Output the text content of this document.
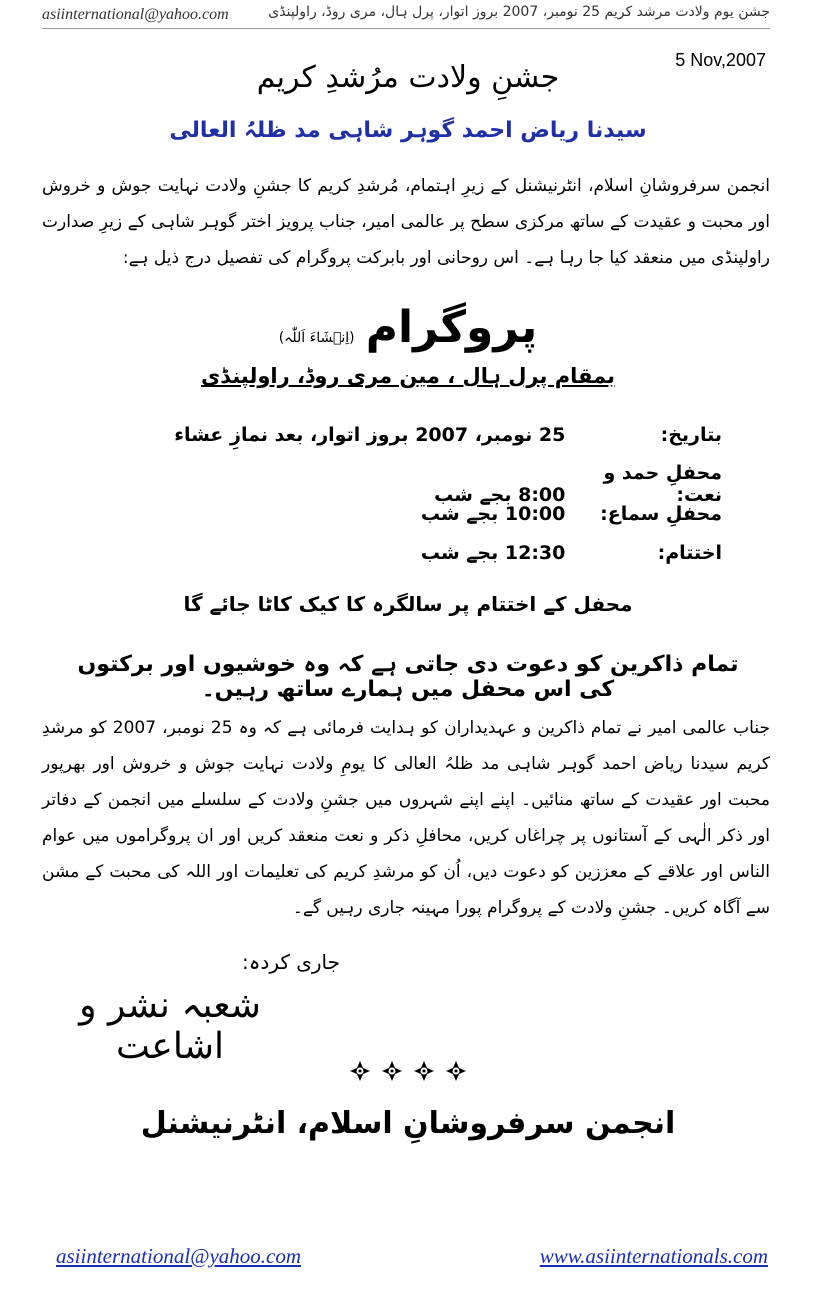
asiinternational@yahoo.com	جشن یوم ولادت مرشد کریم 25 نومبر، 2007 بروز اتوار، پرل ہال، مری روڈ، راولپنڈی
5 Nov,2007
جشنِ ولادت مرُشدِ کریم
سیدنا ریاض احمد گوہر شاہی مد ظلہُ العالی
انجمن سرفروشانِ اسلام، انٹرنیشنل کے زیرِ اہتمام، مُرشدِ کریم کا جشنِ ولادت نہایت جوش و خروش اور محبت و عقیدت کے ساتھ مرکزی سطح پر عالمی امیر، جناب پرویز اختر گوہر شاہی کے زیرِ صدارت راولپنڈی میں منعقد کیا جا رہا ہے۔ اس روحانی اور بابرکت پروگرام کی تفصیل درج ذیل ہے:
پروگرام (اِنۡشَاءَ اَللّٰہ)
بمقام پرل ہال ، مین مری روڈ، راولپنڈی
بتاریخ: 25 نومبر، 2007 بروز اتوار، بعد نمازِ عشاء
محفلِ حمد و نعت: 8:00 بجے شب
محفلِ سماع: 10:00 بجے شب
اختتام: 12:30 بجے شب
محفل کے اختتام پر سالگرہ کا کیک کاٹا جائے گا
تمام ذاکرین کو دعوت دی جاتی ہے کہ وہ خوشیوں اور برکتوں کی اس محفل میں ہمارے ساتھ رہیں۔
جناب عالمی امیر نے تمام ذاکرین و عہدیداران کو ہدایت فرمائی ہے کہ وہ 25 نومبر، 2007 کو مرشدِ کریم سیدنا ریاض احمد گوہر شاہی مد ظلہُ العالی کا یومِ ولادت نہایت جوش و خروش اور بھرپور محبت اور عقیدت کے ساتھ منائیں۔ اپنے اپنے شہروں میں جشنِ ولادت کے سلسلے میں انجمن کے دفاتر اور ذکر الٰہی کے آستانوں پر چراغاں کریں، محافلِ ذکر و نعت منعقد کریں اور ان پروگراموں میں عوام الناس اور علاقے کے معززین کو دعوت دیں، اُن کو مرشدِ کریم کی تعلیمات اور اللہ کی محبت کے مشن سے آگاہ کریں۔ جشنِ ولادت کے پروگرام پورا مہینہ جاری رہیں گے۔
جاری کردہ:
شعبہ نشر و اشاعت
انجمن سرفروشانِ اسلام، انٹرنیشنل
asiinternational@yahoo.com	www.asiinternationals.com
